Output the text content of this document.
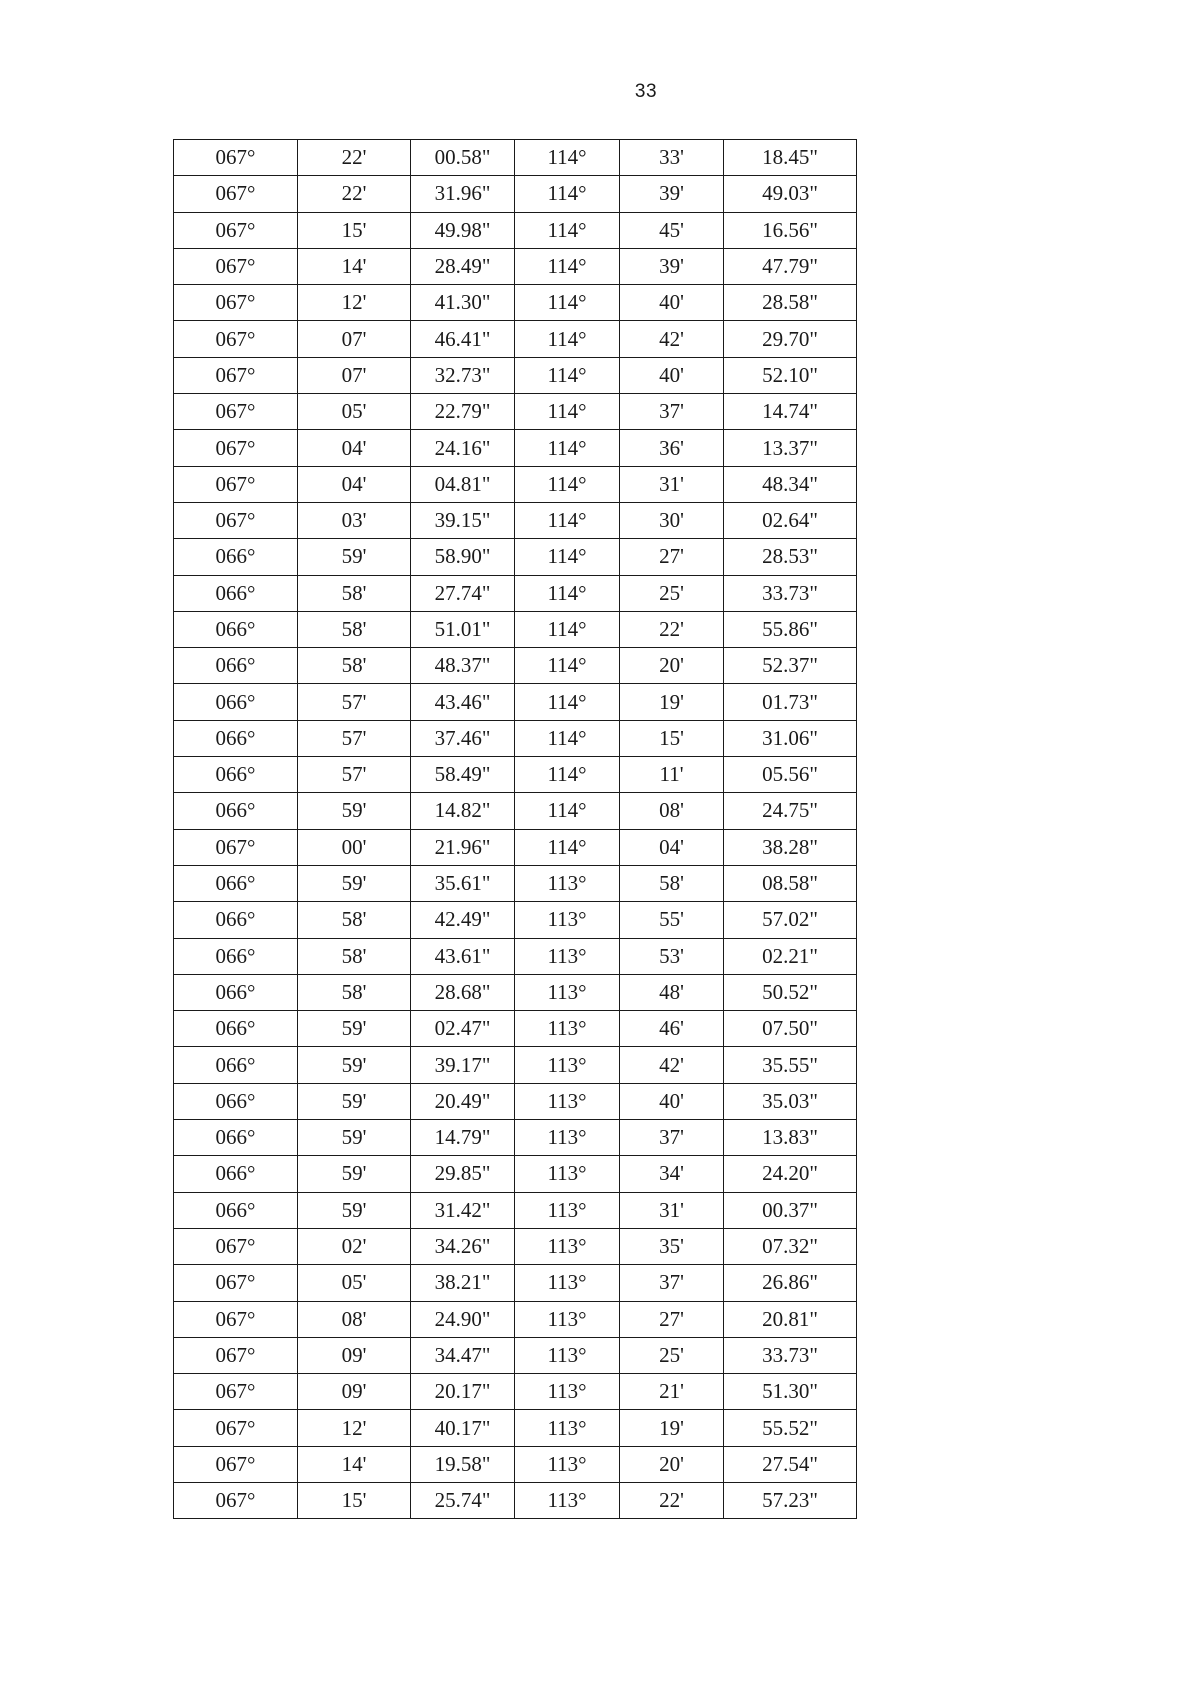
33
067°	22'	00.58"	114°	33'	18.45"
067°	22'	31.96"	114°	39'	49.03"
067°	15'	49.98"	114°	45'	16.56"
067°	14'	28.49"	114°	39'	47.79"
067°	12'	41.30"	114°	40'	28.58"
067°	07'	46.41"	114°	42'	29.70"
067°	07'	32.73"	114°	40'	52.10"
067°	05'	22.79"	114°	37'	14.74"
067°	04'	24.16"	114°	36'	13.37"
067°	04'	04.81"	114°	31'	48.34"
067°	03'	39.15"	114°	30'	02.64"
066°	59'	58.90"	114°	27'	28.53"
066°	58'	27.74"	114°	25'	33.73"
066°	58'	51.01"	114°	22'	55.86"
066°	58'	48.37"	114°	20'	52.37"
066°	57'	43.46"	114°	19'	01.73"
066°	57'	37.46"	114°	15'	31.06"
066°	57'	58.49"	114°	11'	05.56"
066°	59'	14.82"	114°	08'	24.75"
067°	00'	21.96"	114°	04'	38.28"
066°	59'	35.61"	113°	58'	08.58"
066°	58'	42.49"	113°	55'	57.02"
066°	58'	43.61"	113°	53'	02.21"
066°	58'	28.68"	113°	48'	50.52"
066°	59'	02.47"	113°	46'	07.50"
066°	59'	39.17"	113°	42'	35.55"
066°	59'	20.49"	113°	40'	35.03"
066°	59'	14.79"	113°	37'	13.83"
066°	59'	29.85"	113°	34'	24.20"
066°	59'	31.42"	113°	31'	00.37"
067°	02'	34.26"	113°	35'	07.32"
067°	05'	38.21"	113°	37'	26.86"
067°	08'	24.90"	113°	27'	20.81"
067°	09'	34.47"	113°	25'	33.73"
067°	09'	20.17"	113°	21'	51.30"
067°	12'	40.17"	113°	19'	55.52"
067°	14'	19.58"	113°	20'	27.54"
067°	15'	25.74"	113°	22'	57.23"
